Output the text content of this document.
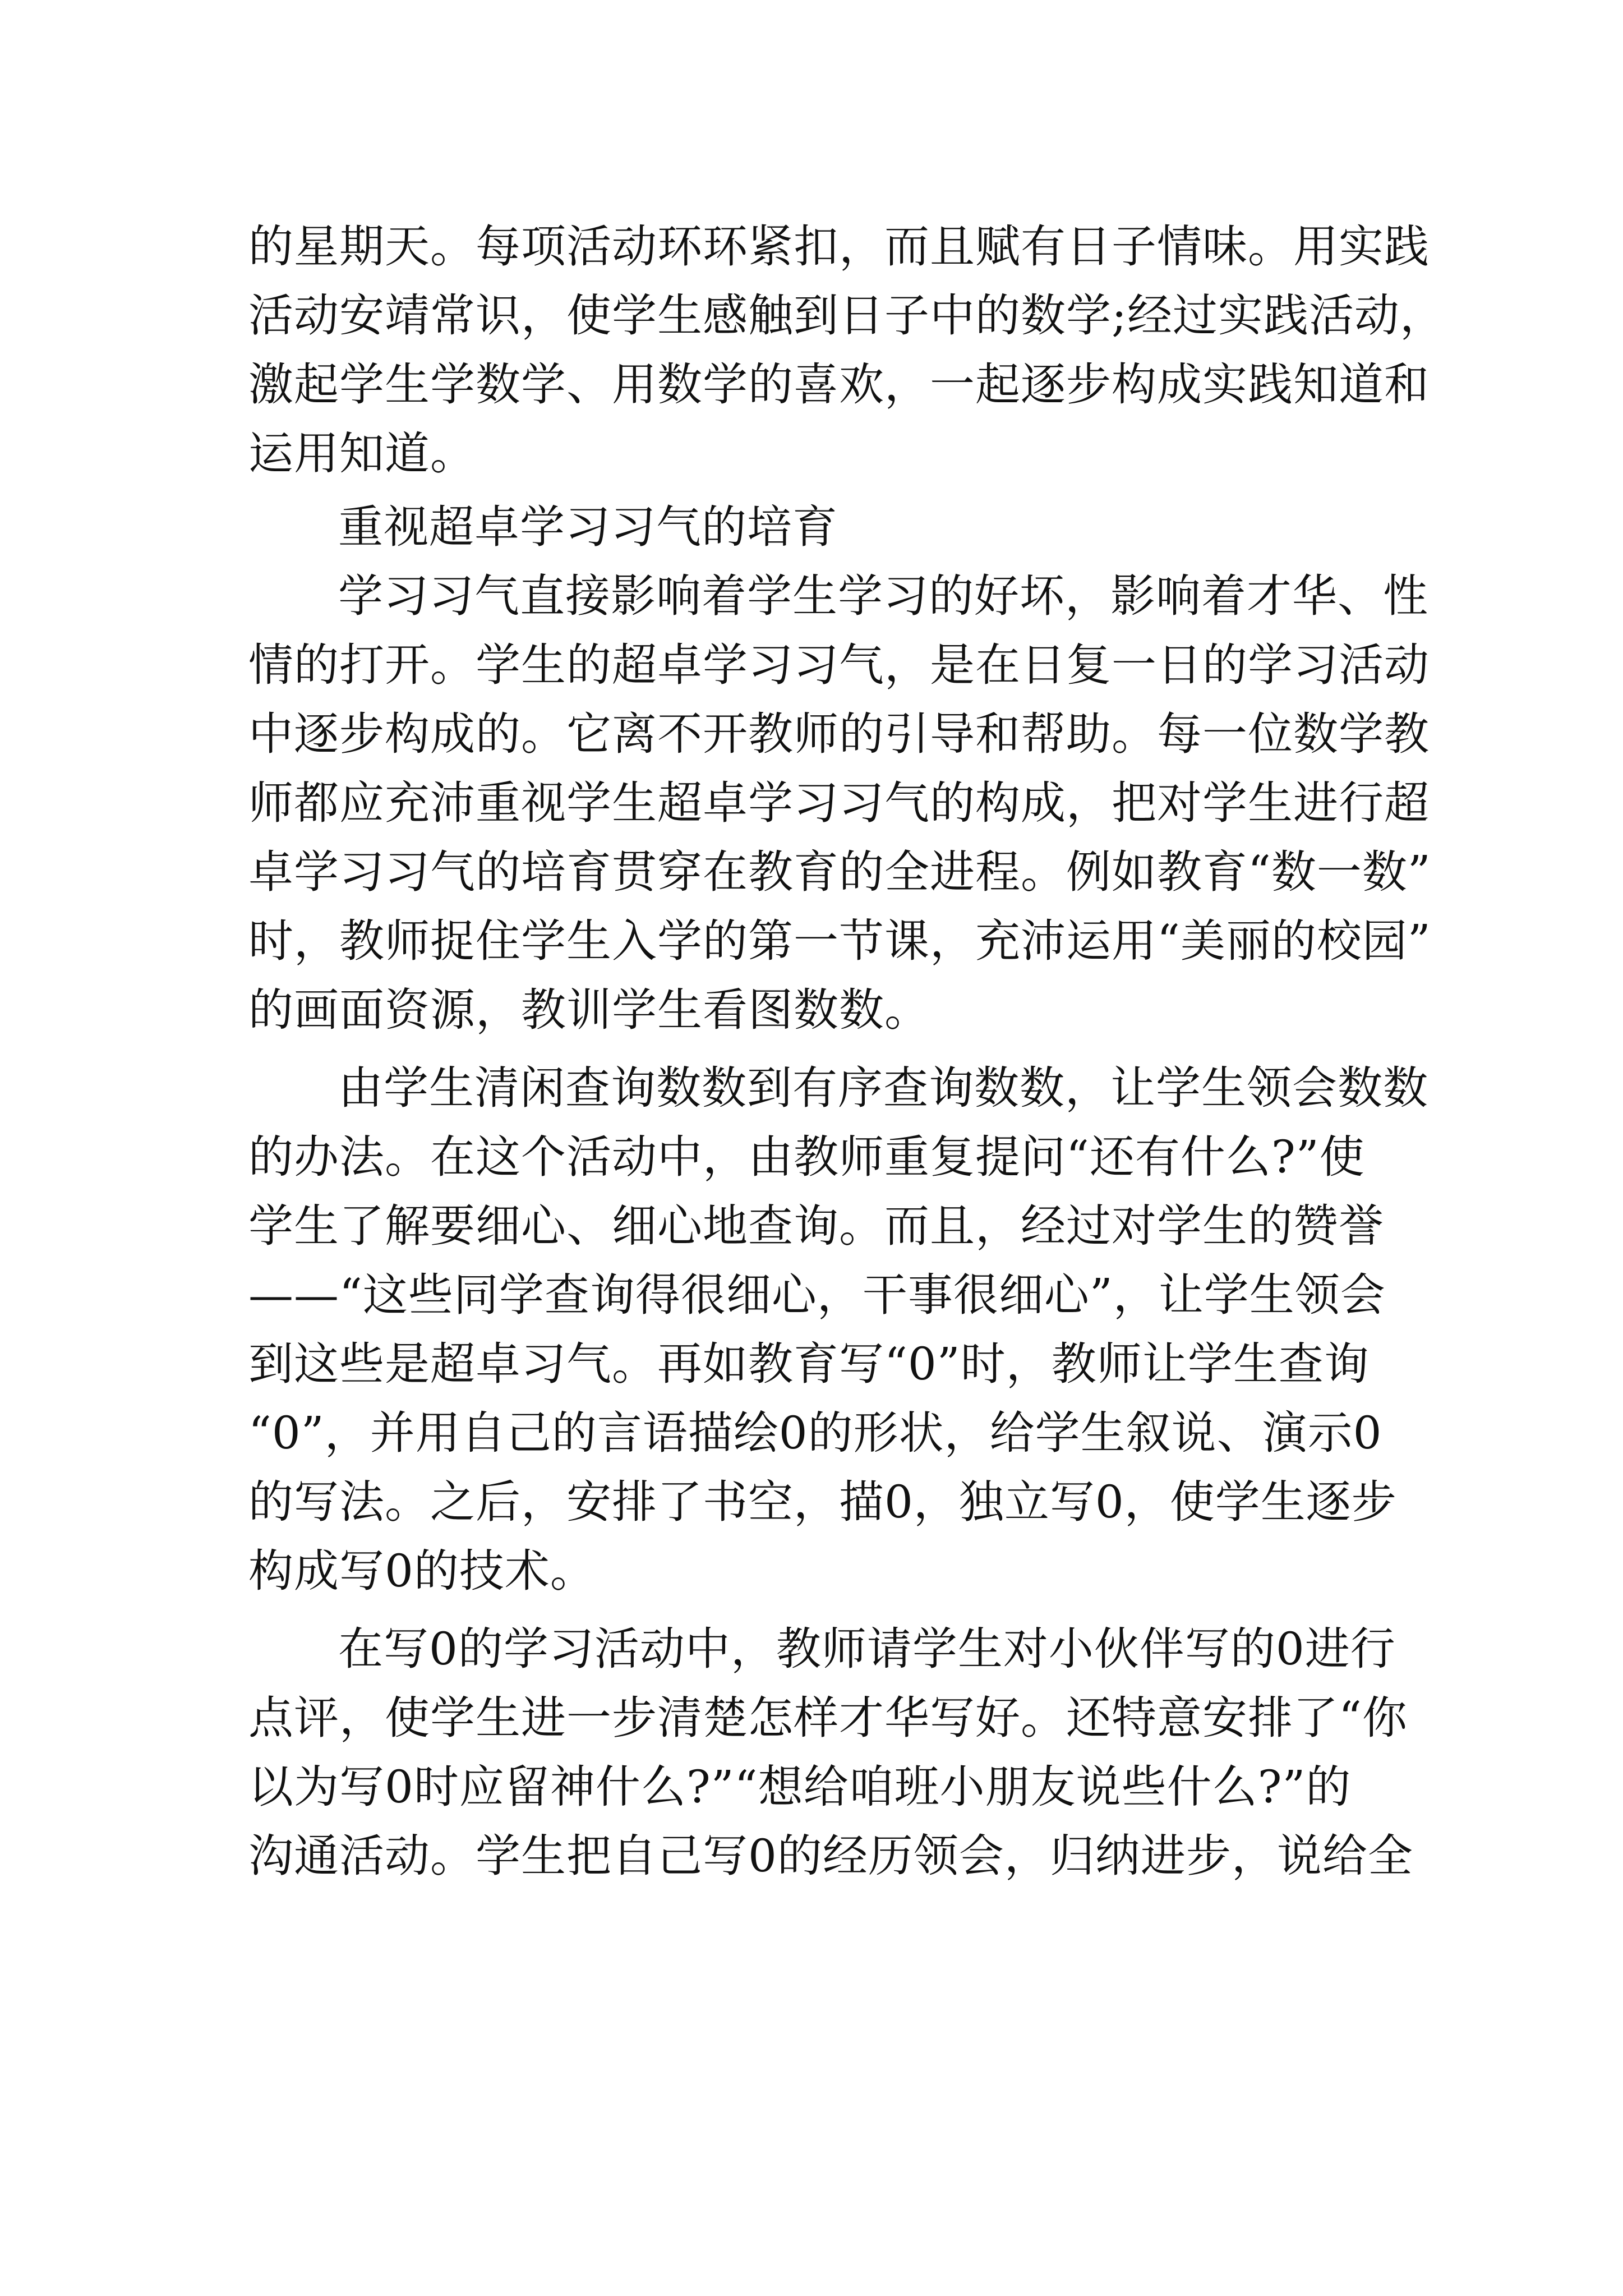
的星期天。每项活动环环紧扣，而且赋有日子情味。用实践
活动安靖常识，使学生感触到日子中的数学;经过实践活动，
激起学生学数学、用数学的喜欢，一起逐步构成实践知道和
运用知道。
重视超卓学习习气的培育
学习习气直接影响着学生学习的好坏，影响着才华、性
情的打开。学生的超卓学习习气，是在日复一日的学习活动
中逐步构成的。它离不开教师的引导和帮助。每一位数学教
师都应充沛重视学生超卓学习习气的构成，把对学生进行超
卓学习习气的培育贯穿在教育的全进程。例如教育“数一数”
时，教师捉住学生入学的第一节课，充沛运用“美丽的校园”
的画面资源，教训学生看图数数。
由学生清闲查询数数到有序查询数数，让学生领会数数
的办法。在这个活动中，由教师重复提问“还有什么?”使
学生了解要细心、细心地查询。而且，经过对学生的赞誉
——“这些同学查询得很细心，干事很细心”，让学生领会
到这些是超卓习气。再如教育写“0”时，教师让学生查询
“0”，并用自己的言语描绘0的形状，给学生叙说、演示0
的写法。之后，安排了书空，描0，独立写0，使学生逐步
构成写0的技术。
在写0的学习活动中，教师请学生对小伙伴写的0进行
点评，使学生进一步清楚怎样才华写好。还特意安排了“你
以为写0时应留神什么?”“想给咱班小朋友说些什么?”的
沟通活动。学生把自己写0的经历领会，归纳进步，说给全
